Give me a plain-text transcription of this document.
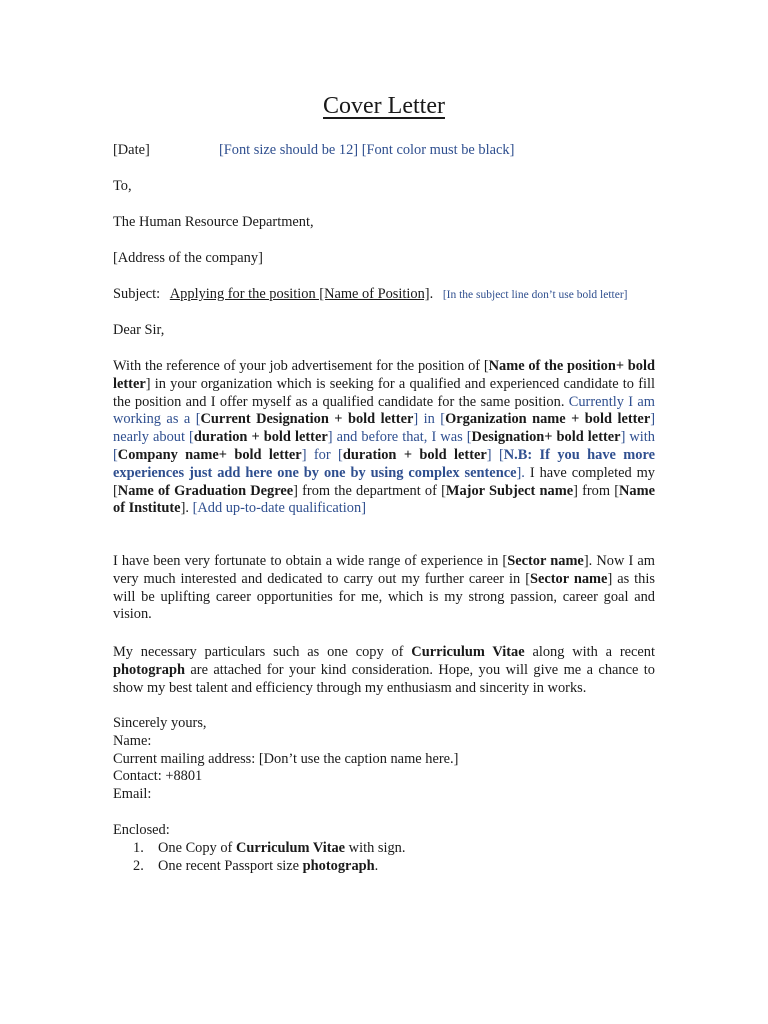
Cover Letter
[Date]	[Font size should be 12] [Font color must be black]
To,
The Human Resource Department,
[Address of the company]
Subject: Applying for the position [Name of Position]. [In the subject line don’t use bold letter]
Dear Sir,
With the reference of your job advertisement for the position of [Name of the position+ bold letter] in your organization which is seeking for a qualified and experienced candidate to fill the position and I offer myself as a qualified candidate for the same position. Currently I am working as a [Current Designation + bold letter] in [Organization name + bold letter] nearly about [duration + bold letter] and before that, I was [Designation+ bold letter] with [Company name+ bold letter] for [duration + bold letter] [N.B: If you have more experiences just add here one by one by using complex sentence]. I have completed my [Name of Graduation Degree] from the department of [Major Subject name] from [Name of Institute]. [Add up-to-date qualification]
I have been very fortunate to obtain a wide range of experience in [Sector name]. Now I am very much interested and dedicated to carry out my further career in [Sector name] as this will be uplifting career opportunities for me, which is my strong passion, career goal and vision.
My necessary particulars such as one copy of Curriculum Vitae along with a recent photograph are attached for your kind consideration. Hope, you will give me a chance to show my best talent and efficiency through my enthusiasm and sincerity in works.
Sincerely yours,
Name:
Current mailing address: [Don’t use the caption name here.]
Contact: +8801
Email:
Enclosed:
1. One Copy of Curriculum Vitae with sign.
2. One recent Passport size photograph.
